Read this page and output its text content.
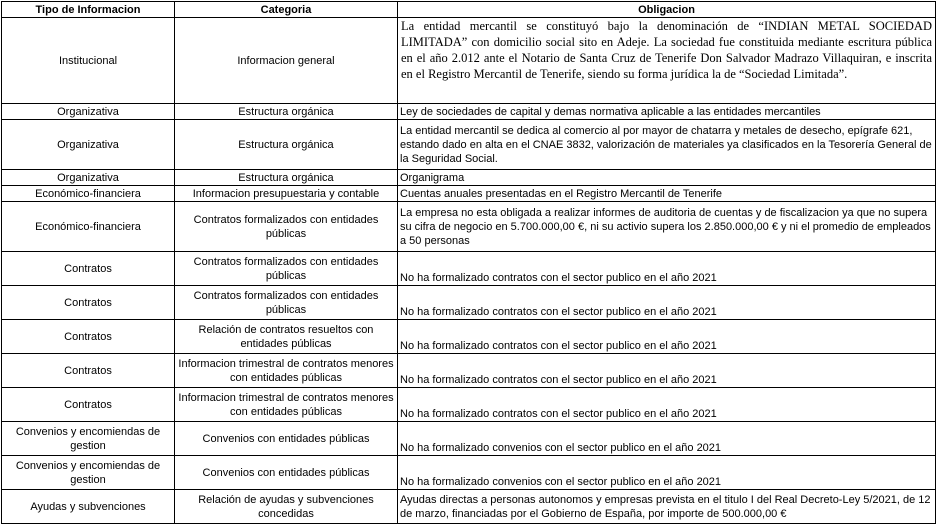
Tipo de Informacion	Categoria	Obligacion
Institucional	Informacion general	La entidad mercantil se constituyó bajo la denominación de “INDIAN METAL SOCIEDAD LIMITADA” con domicilio social sito en Adeje. La sociedad fue constituida mediante escritura pública en el año 2.012 ante el Notario de Santa Cruz de Tenerife Don Salvador Madrazo Villaquiran, e inscrita en el Registro Mercantil de Tenerife, siendo su forma jurídica la de “Sociedad Limitada”.
Organizativa	Estructura orgánica	Ley de sociedades de capital y demas normativa aplicable a las entidades mercantiles
Organizativa	Estructura orgánica	La entidad mercantil se dedica al comercio al por mayor de chatarra y metales de desecho, epígrafe 621, estando dado en alta en el CNAE 3832, valorización de materiales ya clasificados en la Tesorería General de la Seguridad Social.
Organizativa	Estructura orgánica	Organigrama
Económico-financiera	Informacion presupuestaria y contable	Cuentas anuales presentadas en el Registro Mercantil de Tenerife
Económico-financiera	Contratos formalizados con entidades públicas	La empresa no esta obligada a realizar informes de auditoria de cuentas y de fiscalizacion ya que no supera su cifra de negocio en 5.700.000,00 €, ni su activio supera los 2.850.000,00 € y ni el promedio de empleados a 50 personas
Contratos	Contratos formalizados con entidades públicas	No ha formalizado contratos con el sector publico en el año 2021
Contratos	Contratos formalizados con entidades públicas	No ha formalizado contratos con el sector publico en el año 2021
Contratos	Relación de contratos resueltos con entidades públicas	No ha formalizado contratos con el sector publico en el año 2021
Contratos	Informacion trimestral de contratos menores con entidades públicas	No ha formalizado contratos con el sector publico en el año 2021
Contratos	Informacion trimestral de contratos menores con entidades públicas	No ha formalizado contratos con el sector publico en el año 2021
Convenios y encomiendas de gestion	Convenios con entidades públicas	No ha formalizado convenios con el sector publico en el año 2021
Convenios y encomiendas de gestion	Convenios con entidades públicas	No ha formalizado convenios con el sector publico en el año 2021
Ayudas y subvenciones	Relación de ayudas y subvenciones concedidas	Ayudas directas a personas autonomos y empresas prevista en el titulo I del Real Decreto-Ley 5/2021, de 12 de marzo, financiadas por el Gobierno de España, por importe de 500.000,00 €
